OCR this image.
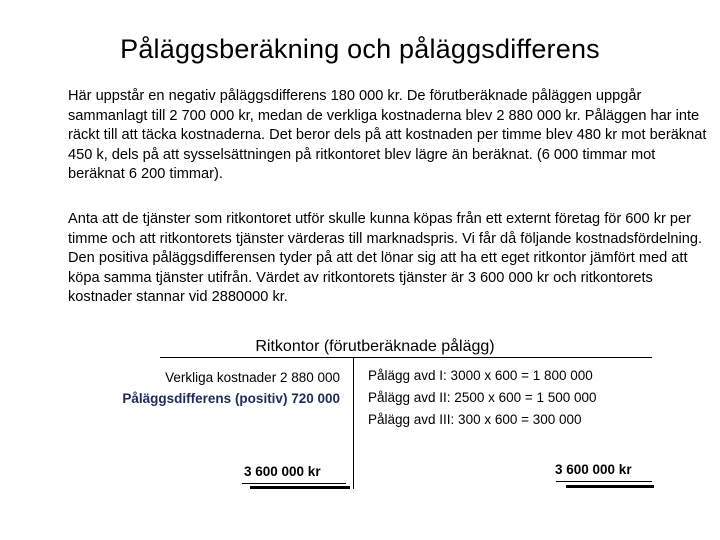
Påläggsberäkning och påläggsdifferens

Här uppstår en negativ påläggsdifferens 180 000 kr. De förutberäknade påläggen uppgår sammanlagt till 2 700 000 kr, medan de verkliga kostnaderna blev 2 880 000 kr. Påläggen har inte räckt till att täcka kostnaderna. Det beror dels på att kostnaden per timme blev 480 kr mot beräknat 450 k, dels på att sysselsättningen på ritkontoret blev lägre än beräknat. (6 000 timmar mot beräknat 6 200 timmar).

Anta att de tjänster som ritkontoret utför skulle kunna köpas från ett externt företag för 600 kr per timme och att ritkontorets tjänster värderas till marknadspris. Vi får då följande kostnadsfördelning. Den positiva påläggsdifferensen tyder på att det lönar sig att ha ett eget ritkontor jämfört med att köpa samma tjänster utifrån. Värdet av ritkontorets tjänster är 3 600 000 kr och ritkontorets kostnader stannar vid 2880000 kr.

Ritkontor (förutberäknade pålägg)
Verkliga kostnader 2 880 000
Påläggsdifferens (positiv) 720 000
Pålägg avd I: 3000 x 600 = 1 800 000
Pålägg avd II: 2500 x 600 = 1 500 000
Pålägg avd III: 300 x 600 = 300 000
3 600 000 kr	3 600 000 kr
